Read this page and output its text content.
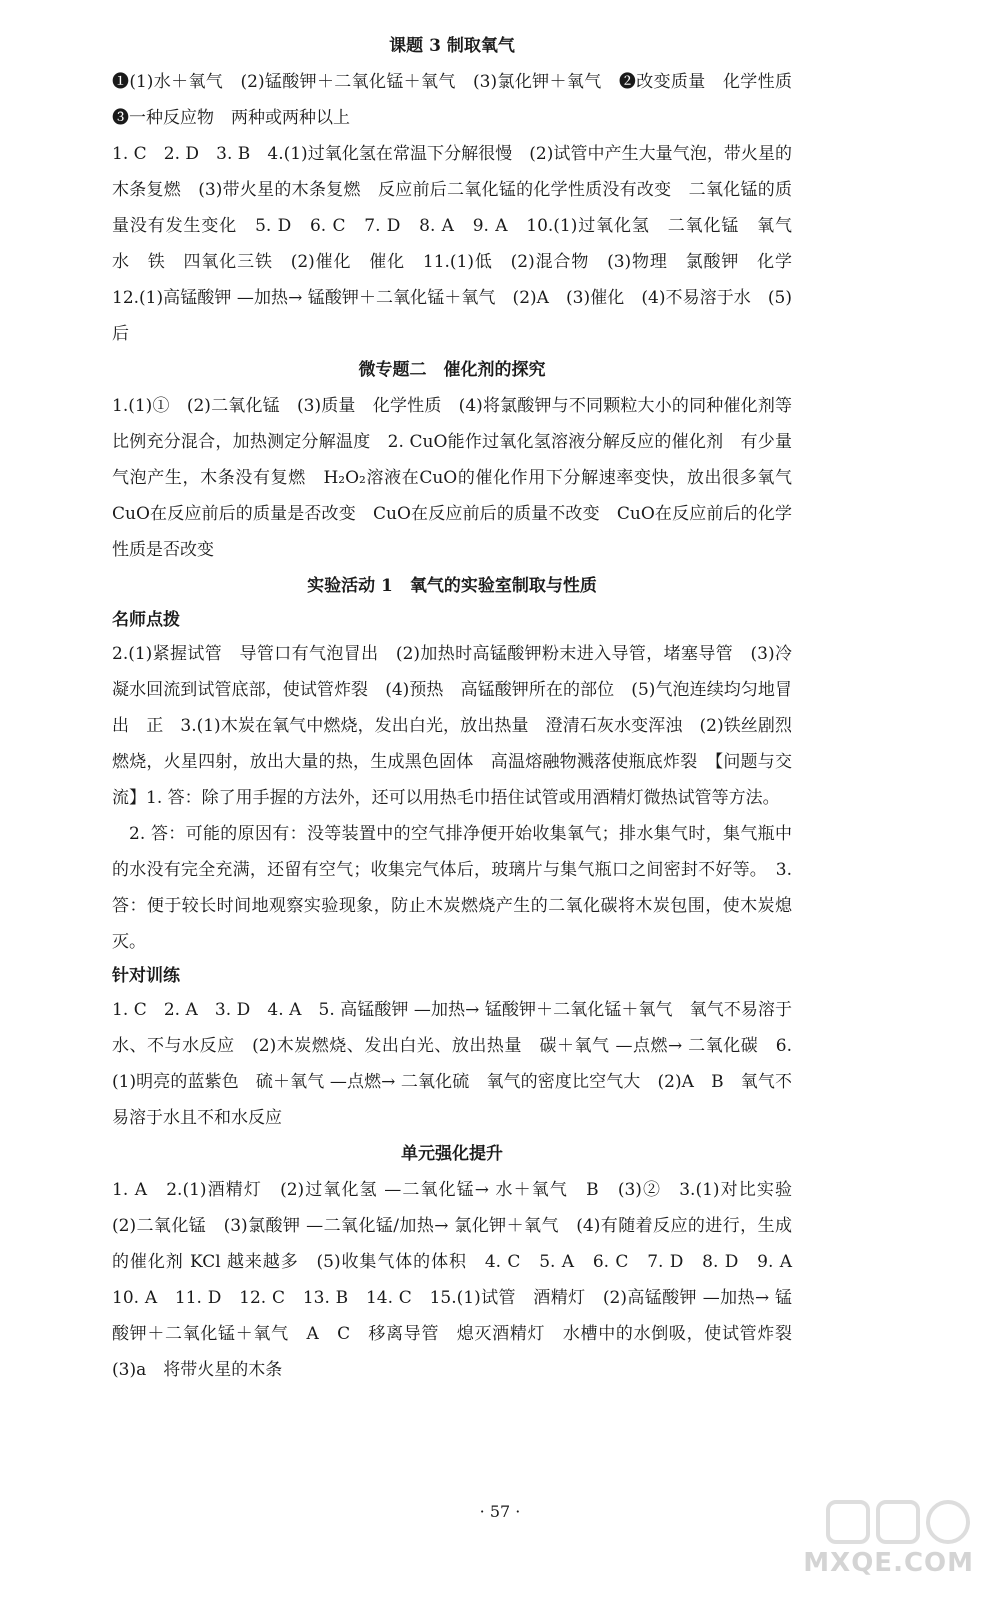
课题 3 制取氧气

❶(1)水＋氧气　(2)锰酸钾＋二氧化锰＋氧气　(3)氯化钾＋氧气　❷改变质量　化学性质　❸一种反应物　两种或两种以上

1. C　2. D　3. B　4.(1)过氧化氢在常温下分解很慢　(2)试管中产生大量气泡，带火星的木条复燃　(3)带火星的木条复燃　反应前后二氧化锰的化学性质没有改变　二氧化锰的质量没有发生变化　5. D　6. C　7. D　8. A　9. A　10.(1)过氧化氢　二氧化锰　氧气　水　铁　四氧化三铁　(2)催化　催化　11.(1)低　(2)混合物　(3)物理　氯酸钾　化学　12.(1)高锰酸钾 —加热→ 锰酸钾＋二氧化锰＋氧气　(2)A　(3)催化　(4)不易溶于水　(5)后

微专题二　催化剂的探究

1.(1)①　(2)二氧化锰　(3)质量　化学性质　(4)将氯酸钾与不同颗粒大小的同种催化剂等比例充分混合，加热测定分解温度　2. CuO能作过氧化氢溶液分解反应的催化剂　有少量气泡产生，木条没有复燃　H₂O₂溶液在CuO的催化作用下分解速率变快，放出很多氧气　CuO在反应前后的质量是否改变　CuO在反应前后的质量不改变　CuO在反应前后的化学性质是否改变

实验活动 1　氧气的实验室制取与性质
名师点拨

2.(1)紧握试管　导管口有气泡冒出　(2)加热时高锰酸钾粉末进入导管，堵塞导管　(3)冷凝水回流到试管底部，使试管炸裂　(4)预热　高锰酸钾所在的部位　(5)气泡连续均匀地冒出　正　3.(1)木炭在氧气中燃烧，发出白光，放出热量　澄清石灰水变浑浊　(2)铁丝剧烈燃烧，火星四射，放出大量的热，生成黑色固体　高温熔融物溅落使瓶底炸裂　【问题与交流】1. 答：除了用手握的方法外，还可以用热毛巾捂住试管或用酒精灯微热试管等方法。

2. 答：可能的原因有：没等装置中的空气排净便开始收集氧气；排水集气时，集气瓶中的水没有完全充满，还留有空气；收集完气体后，玻璃片与集气瓶口之间密封不好等。　3. 答：便于较长时间地观察实验现象，防止木炭燃烧产生的二氧化碳将木炭包围，使木炭熄灭。

针对训练

1. C　2. A　3. D　4. A　5. 高锰酸钾 —加热→ 锰酸钾＋二氧化锰＋氧气　氧气不易溶于水、不与水反应　(2)木炭燃烧、发出白光、放出热量　碳＋氧气 —点燃→ 二氧化碳　6.(1)明亮的蓝紫色　硫＋氧气 —点燃→ 二氧化硫　氧气的密度比空气大　(2)A　B　氧气不易溶于水且不和水反应

单元强化提升

1. A　2.(1)酒精灯　(2)过氧化氢 —二氧化锰→ 水＋氧气　B　(3)②　3.(1)对比实验　(2)二氧化锰　(3)氯酸钾 —二氧化锰/加热→ 氯化钾＋氧气　(4)有随着反应的进行，生成的催化剂 KCl 越来越多　(5)收集气体的体积　4. C　5. A　6. C　7. D　8. D　9. A　10. A　11. D　12. C　13. B　14. C　15.(1)试管　酒精灯　(2)高锰酸钾 —加热→ 锰酸钾＋二氧化锰＋氧气　A　C　移离导管　熄灭酒精灯　水槽中的水倒吸，使试管炸裂　(3)a　将带火星的木条

· 57 ·
MXQE.COM
